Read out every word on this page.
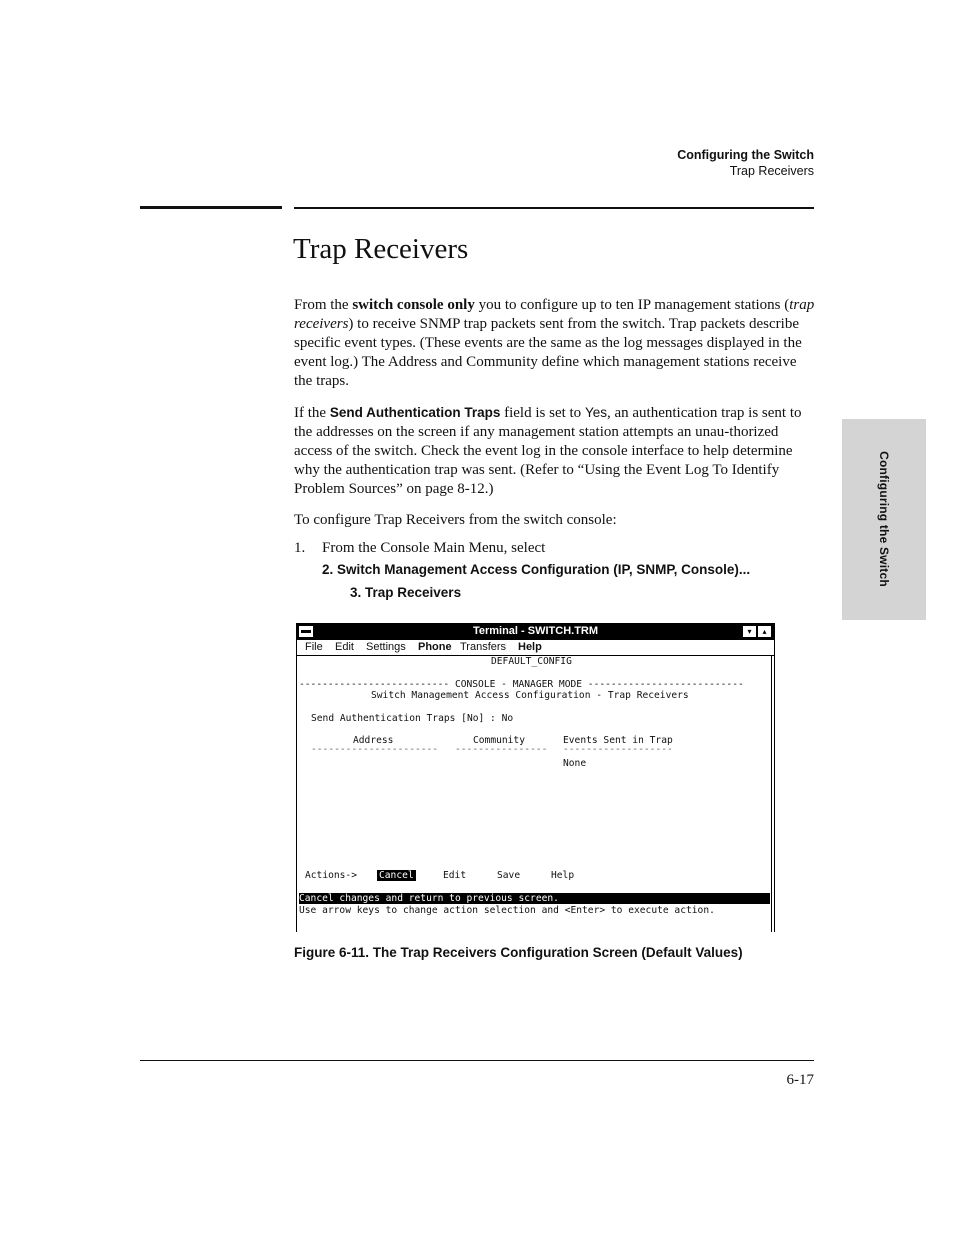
Configuring the Switch
Trap Receivers
Trap Receivers

From the switch console only you to configure up to ten IP management stations (trap receivers) to receive SNMP trap packets sent from the switch. Trap packets describe specific event types. (These events are the same as the log messages displayed in the event log.) The Address and Community define which management stations receive the traps.

If the Send Authentication Traps field is set to Yes, an authentication trap is sent to the addresses on the screen if any management station attempts an unau-thorized access of the switch. Check the event log in the console interface to help determine why the authentication trap was sent. (Refer to “Using the Event Log To Identify Problem Sources” on page 8-12.)

To configure Trap Receivers from the switch console:

1. From the Console Main Menu, select
2. Switch Management Access Configuration (IP, SNMP, Console)...
3. Trap Receivers
Configuring the Switch
Terminal - SWITCH.TRM	▾	▴
File Edit Settings Phone Transfers Help
DEFAULT_CONFIG
-------------------------- CONSOLE - MANAGER MODE ---------------------------
Switch Management Access Configuration - Trap Receivers
Send Authentication Traps [No] : No
Address	Community	Events Sent in Trap
---------------------- ---------------- -------------------
None
Actions-> Cancel	Edit	Save	Help
Cancel changes and return to previous screen.
Use arrow keys to change action selection and <Enter> to execute action.
Figure 6-11. The Trap Receivers Configuration Screen (Default Values)
6-17
